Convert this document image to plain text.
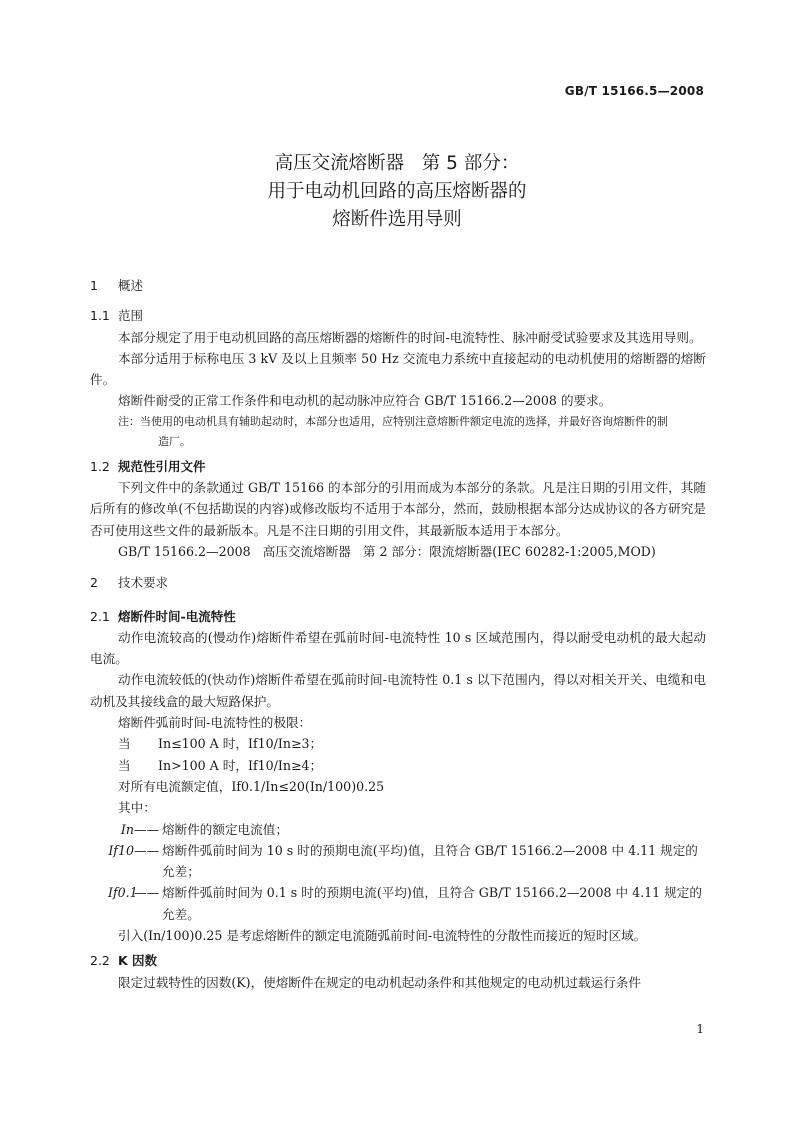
GB/T 15166.5—2008
高压交流熔断器   第 5 部分：
用于电动机回路的高压熔断器的
熔断件选用导则
1 概述
1.1 范围
本部分规定了用于电动机回路的高压熔断器的熔断件的时间-电流特性、脉冲耐受试验要求及其选用导则。
本部分适用于标称电压 3 kV 及以上且频率 50 Hz 交流电力系统中直接起动的电动机使用的熔断器的熔断件。
熔断件耐受的正常工作条件和电动机的起动脉冲应符合 GB/T 15166.2—2008 的要求。
注：当使用的电动机具有辅助起动时，本部分也适用，应特别注意熔断件额定电流的选择，并最好咨询熔断件的制
造厂。
1.2 规范性引用文件
下列文件中的条款通过 GB/T 15166 的本部分的引用而成为本部分的条款。凡是注日期的引用文件，其随后所有的修改单(不包括勘误的内容)或修改版均不适用于本部分，然而，鼓励根据本部分达成协议的各方研究是否可使用这些文件的最新版本。凡是不注日期的引用文件，其最新版本适用于本部分。
GB/T 15166.2—2008   高压交流熔断器   第 2 部分：限流熔断器(IEC 60282-1:2005,MOD)
2 技术要求
2.1 熔断件时间-电流特性
动作电流较高的(慢动作)熔断件希望在弧前时间-电流特性 10 s 区域范围内，得以耐受电动机的最大起动电流。
动作电流较低的(快动作)熔断件希望在弧前时间-电流特性 0.1 s 以下范围内，得以对相关开关、电缆和电动机及其接线盒的最大短路保护。
熔断件弧前时间-电流特性的极限：
当 In≤100 A 时，If10/In≥3；
当 In>100 A 时，If10/In≥4；
对所有电流额定值，If0.1/In≤20(In/100)0.25
其中：
In —— 熔断件的额定电流值；
If10 —— 熔断件弧前时间为 10 s 时的预期电流(平均)值，且符合 GB/T 15166.2—2008 中 4.11 规定的允差；
If0.1
—— 熔断件弧前时间为 0.1 s 时的预期电流(平均)值，且符合 GB/T 15166.2—2008 中 4.11 规定的允差。
引入(In/100)0.25 是考虑熔断件的额定电流随弧前时间-电流特性的分散性而接近的短时区域。
2.2 K 因数
限定过载特性的因数(K)，使熔断件在规定的电动机起动条件和其他规定的电动机过载运行条件
1
